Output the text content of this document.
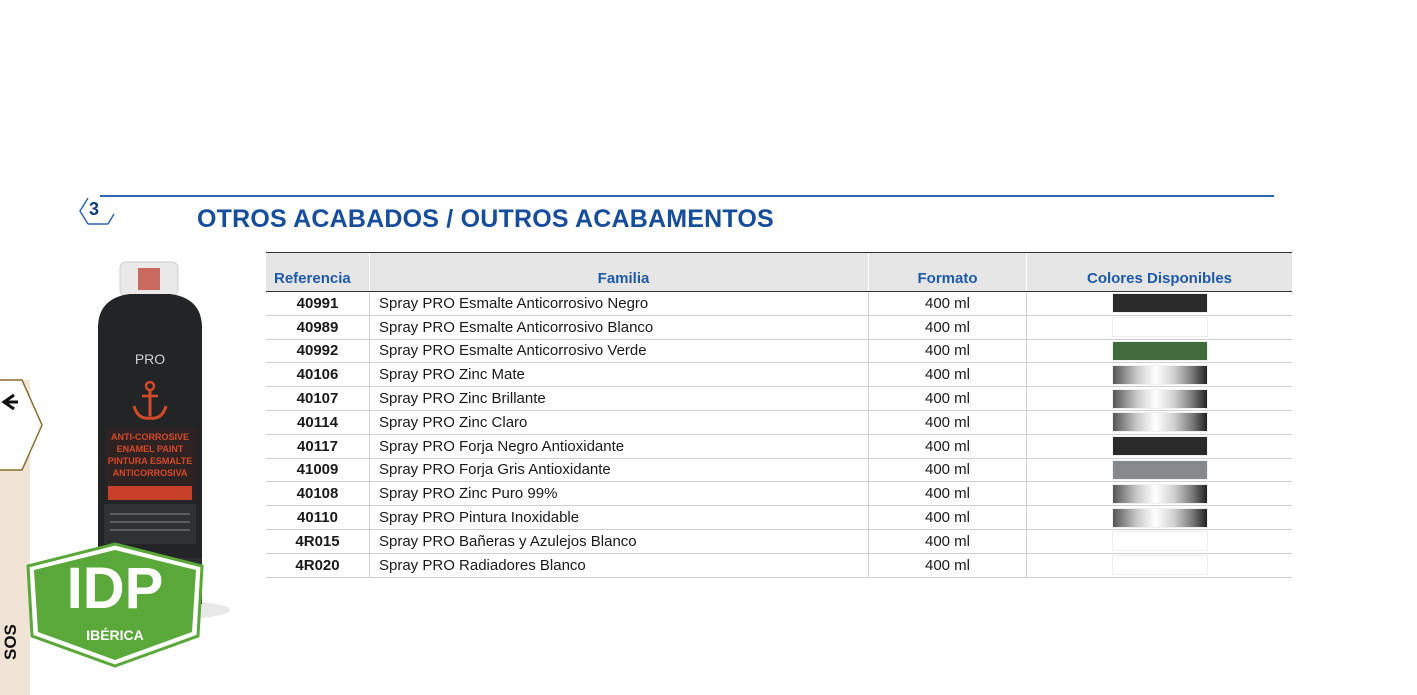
SOS
3	OTROS ACABADOS / OUTROS ACABAMENTOS
PRO
ANTI-CORROSIVE
ENAMEL PAINT
PINTURA ESMALTE
ANTICORROSIVA
IDP
IBÉRICA
Referencia	Familia	Formato	Colores Disponibles
40991	Spray PRO Esmalte Anticorrosivo Negro	400 ml	
40989	Spray PRO Esmalte Anticorrosivo Blanco	400 ml	
40992	Spray PRO Esmalte Anticorrosivo Verde	400 ml	
40106	Spray PRO Zinc Mate	400 ml	
40107	Spray PRO Zinc Brillante	400 ml	
40114	Spray PRO Zinc Claro	400 ml	
40117	Spray PRO Forja Negro Antioxidante	400 ml	
41009	Spray PRO Forja Gris Antioxidante	400 ml	
40108	Spray PRO Zinc Puro 99%	400 ml	
40110	Spray PRO Pintura Inoxidable	400 ml	
4R015	Spray PRO Bañeras y Azulejos Blanco	400 ml	
4R020	Spray PRO Radiadores Blanco	400 ml	
